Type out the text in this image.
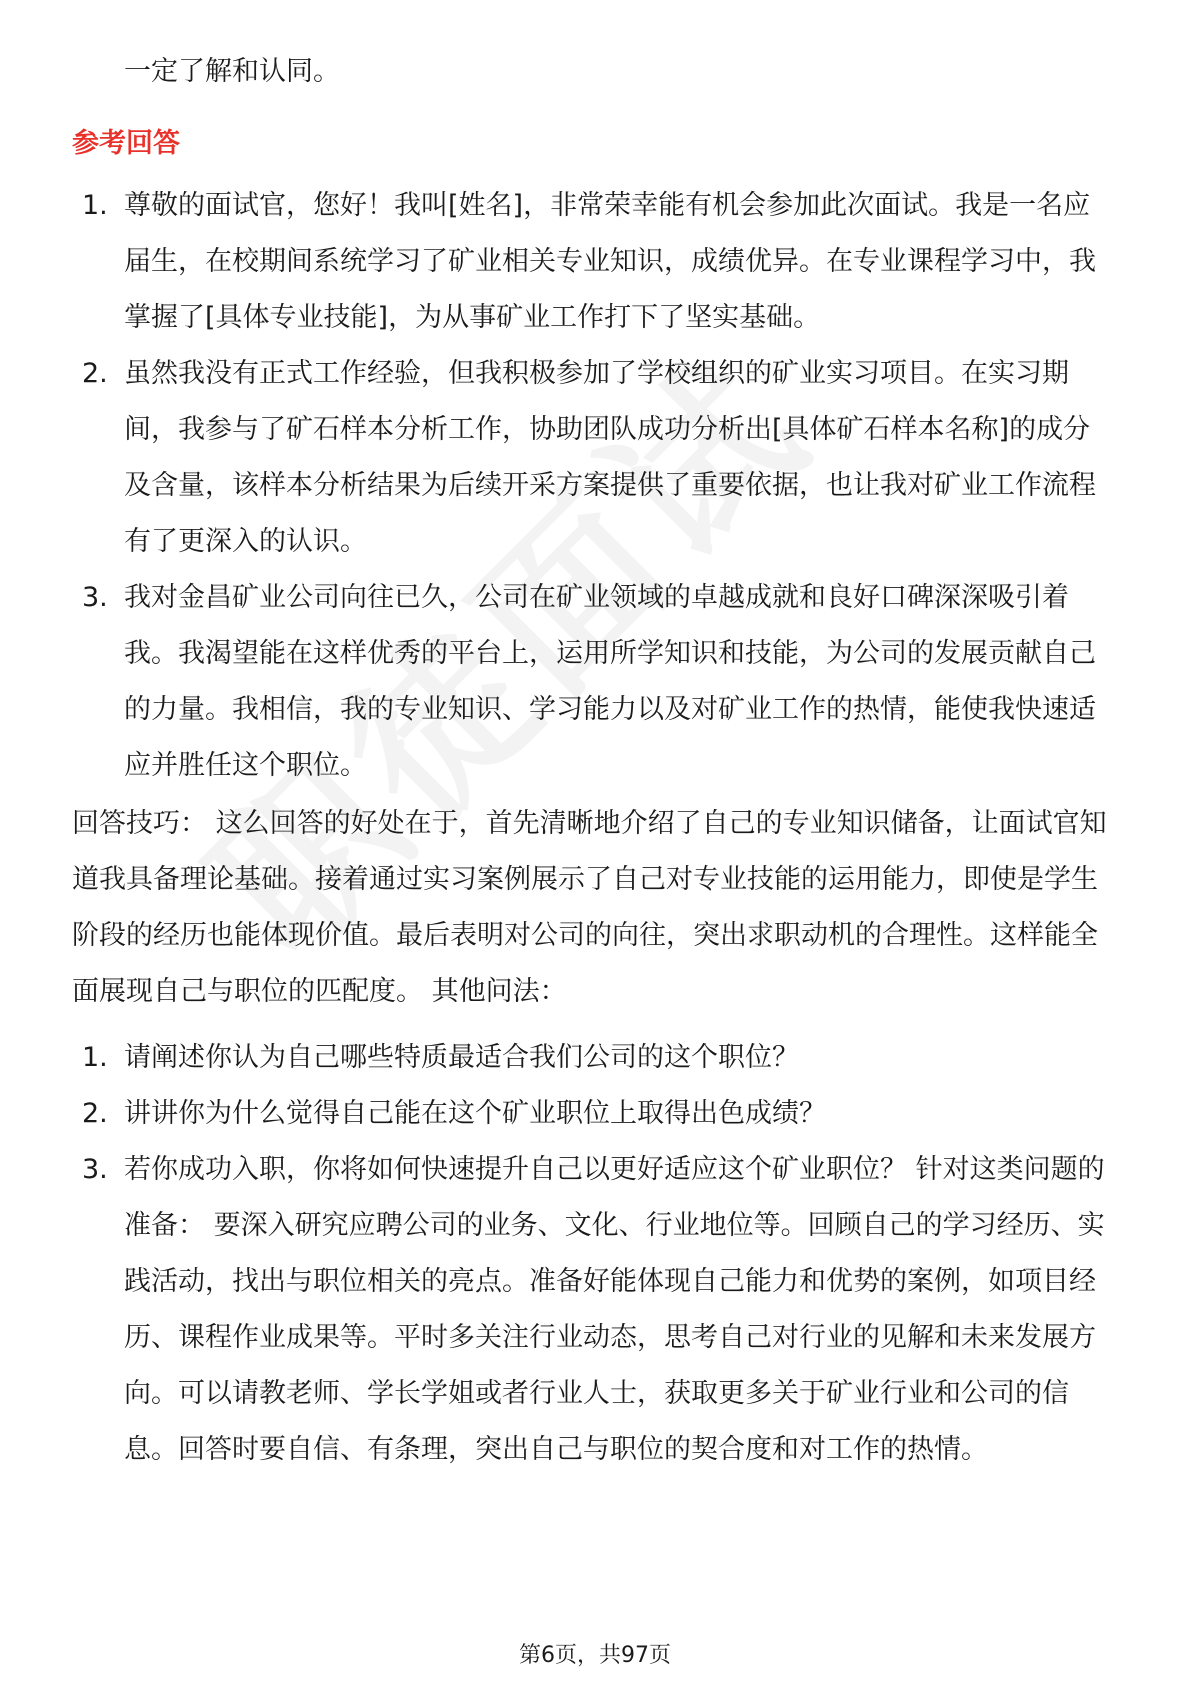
一定了解和认同。
参考回答
1. 尊敬的面试官，您好！我叫[姓名]，非常荣幸能有机会参加此次面试。我是一名应届生，在校期间系统学习了矿业相关专业知识，成绩优异。在专业课程学习中，我掌握了[具体专业技能]，为从事矿业工作打下了坚实基础。
2. 虽然我没有正式工作经验，但我积极参加了学校组织的矿业实习项目。在实习期间，我参与了矿石样本分析工作，协助团队成功分析出[具体矿石样本名称]的成分及含量，该样本分析结果为后续开采方案提供了重要依据，也让我对矿业工作流程有了更深入的认识。
3. 我对金昌矿业公司向往已久，公司在矿业领域的卓越成就和良好口碑深深吸引着我。我渴望能在这样优秀的平台上，运用所学知识和技能，为公司的发展贡献自己的力量。我相信，我的专业知识、学习能力以及对矿业工作的热情，能使我快速适应并胜任这个职位。
回答技巧： 这么回答的好处在于，首先清晰地介绍了自己的专业知识储备，让面试官知道我具备理论基础。接着通过实习案例展示了自己对专业技能的运用能力，即使是学生阶段的经历也能体现价值。最后表明对公司的向往，突出求职动机的合理性。这样能全面展现自己与职位的匹配度。 其他问法：
1. 请阐述你认为自己哪些特质最适合我们公司的这个职位？
2. 讲讲你为什么觉得自己能在这个矿业职位上取得出色成绩？
3. 若你成功入职，你将如何快速提升自己以更好适应这个矿业职位？ 针对这类问题的准备： 要深入研究应聘公司的业务、文化、行业地位等。回顾自己的学习经历、实践活动，找出与职位相关的亮点。准备好能体现自己能力和优势的案例，如项目经历、课程作业成果等。平时多关注行业动态，思考自己对行业的见解和未来发展方向。可以请教老师、学长学姐或者行业人士，获取更多关于矿业行业和公司的信息。回答时要自信、有条理，突出自己与职位的契合度和对工作的热情。
第6页，共97页
